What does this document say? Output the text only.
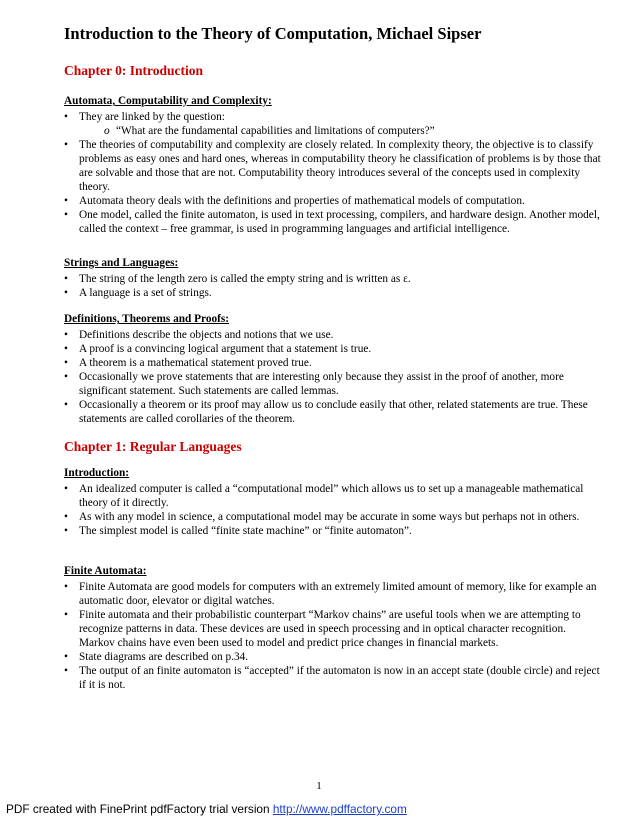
Introduction to the Theory of Computation, Michael Sipser
Chapter 0: Introduction
Automata, Computability and Complexity:
• They are linked by the question:
o “What are the fundamental capabilities and limitations of computers?”
• The theories of computability and complexity are closely related. In complexity theory, the objective is to classify problems as easy ones and hard ones, whereas in computability theory he classification of problems is by those that are solvable and those that are not. Computability theory introduces several of the concepts used in complexity theory.
• Automata theory deals with the definitions and properties of mathematical models of computation.
• One model, called the finite automaton, is used in text processing, compilers, and hardware design. Another model, called the context – free grammar, is used in programming languages and artificial intelligence.
Strings and Languages:
• The string of the length zero is called the empty string and is written as ε.
• A language is a set of strings.
Definitions, Theorems and Proofs:
• Definitions describe the objects and notions that we use.
• A proof is a convincing logical argument that a statement is true.
• A theorem is a mathematical statement proved true.
• Occasionally we prove statements that are interesting only because they assist in the proof of another, more significant statement. Such statements are called lemmas.
• Occasionally a theorem or its proof may allow us to conclude easily that other, related statements are true. These statements are called corollaries of the theorem.
Chapter 1: Regular Languages
Introduction:
• An idealized computer is called a “computational model” which allows us to set up a manageable mathematical theory of it directly.
• As with any model in science, a computational model may be accurate in some ways but perhaps not in others.
• The simplest model is called “finite state machine” or “finite automaton”.
Finite Automata:
• Finite Automata are good models for computers with an extremely limited amount of memory, like for example an automatic door, elevator or digital watches.
• Finite automata and their probabilistic counterpart “Markov chains” are useful tools when we are attempting to recognize patterns in data. These devices are used in speech processing and in optical character recognition. Markov chains have even been used to model and predict price changes in financial markets.
• State diagrams are described on p.34.
• The output of an finite automaton is “accepted” if the automaton is now in an accept state (double circle) and reject if it is not.
1
PDF created with FinePrint pdfFactory trial version http://www.pdffactory.com
